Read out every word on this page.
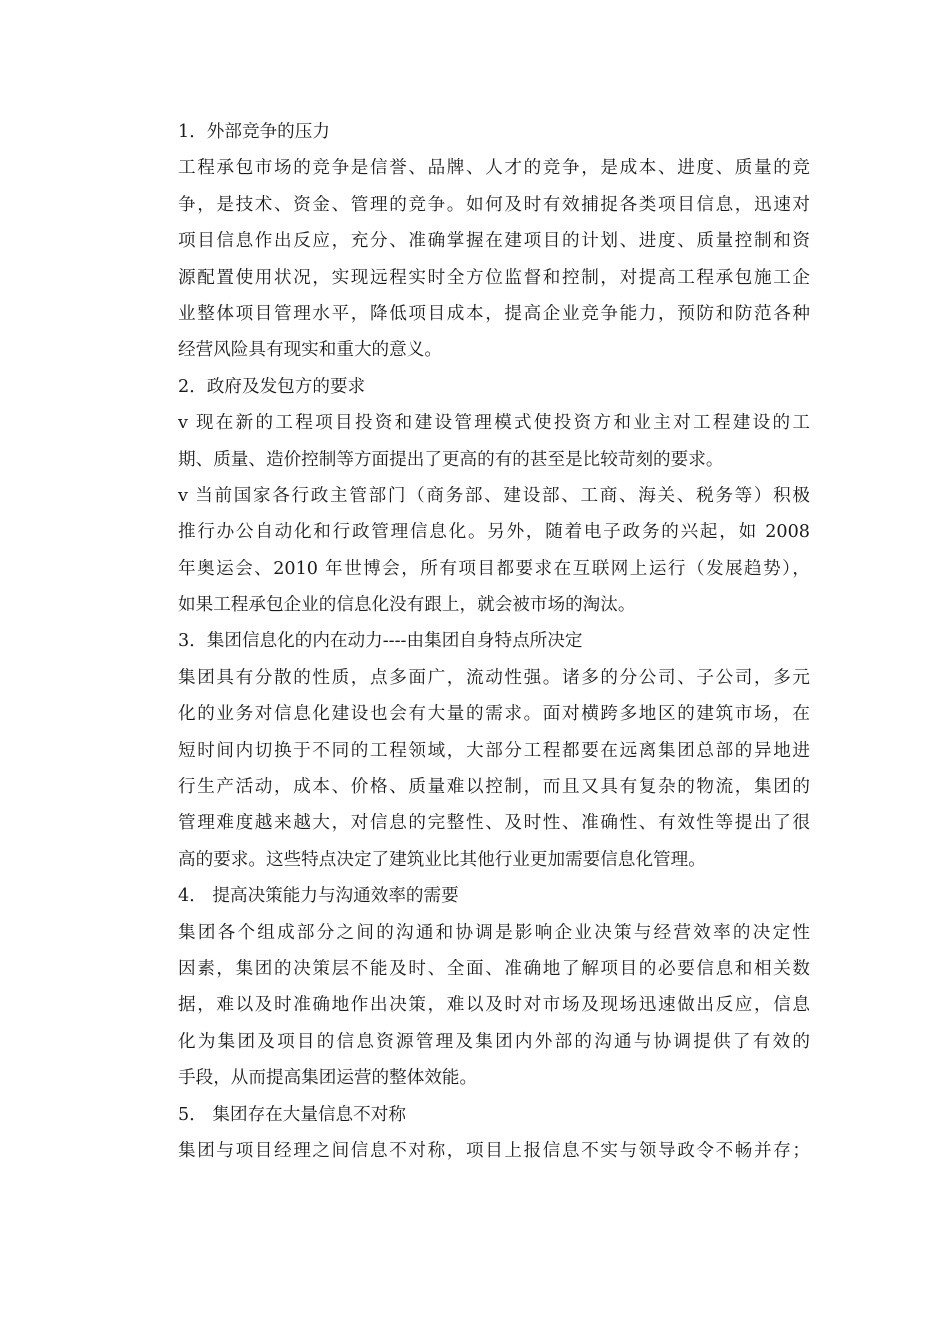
1．外部竞争的压力
工程承包市场的竞争是信誉、品牌、人才的竞争，是成本、进度、质量的竞
争，是技术、资金、管理的竞争。如何及时有效捕捉各类项目信息，迅速对
项目信息作出反应，充分、准确掌握在建项目的计划、进度、质量控制和资
源配置使用状况，实现远程实时全方位监督和控制，对提高工程承包施工企
业整体项目管理水平，降低项目成本，提高企业竞争能力，预防和防范各种
经营风险具有现实和重大的意义。
2．政府及发包方的要求
v 现在新的工程项目投资和建设管理模式使投资方和业主对工程建设的工
期、质量、造价控制等方面提出了更高的有的甚至是比较苛刻的要求。
v 当前国家各行政主管部门（商务部、建设部、工商、海关、税务等）积极
推行办公自动化和行政管理信息化。另外，随着电子政务的兴起，如 2008
年奥运会、2010 年世博会，所有项目都要求在互联网上运行（发展趋势），
如果工程承包企业的信息化没有跟上，就会被市场的淘汰。
3．集团信息化的内在动力----由集团自身特点所决定
集团具有分散的性质，点多面广，流动性强。诸多的分公司、子公司，多元
化的业务对信息化建设也会有大量的需求。面对横跨多地区的建筑市场，在
短时间内切换于不同的工程领域，大部分工程都要在远离集团总部的异地进
行生产活动，成本、价格、质量难以控制，而且又具有复杂的物流，集团的
管理难度越来越大，对信息的完整性、及时性、准确性、有效性等提出了很
高的要求。这些特点决定了建筑业比其他行业更加需要信息化管理。
4． 提高决策能力与沟通效率的需要
集团各个组成部分之间的沟通和协调是影响企业决策与经营效率的决定性
因素，集团的决策层不能及时、全面、准确地了解项目的必要信息和相关数
据，难以及时准确地作出决策，难以及时对市场及现场迅速做出反应，信息
化为集团及项目的信息资源管理及集团内外部的沟通与协调提供了有效的
手段，从而提高集团运营的整体效能。
5． 集团存在大量信息不对称
集团与项目经理之间信息不对称，项目上报信息不实与领导政令不畅并存；
